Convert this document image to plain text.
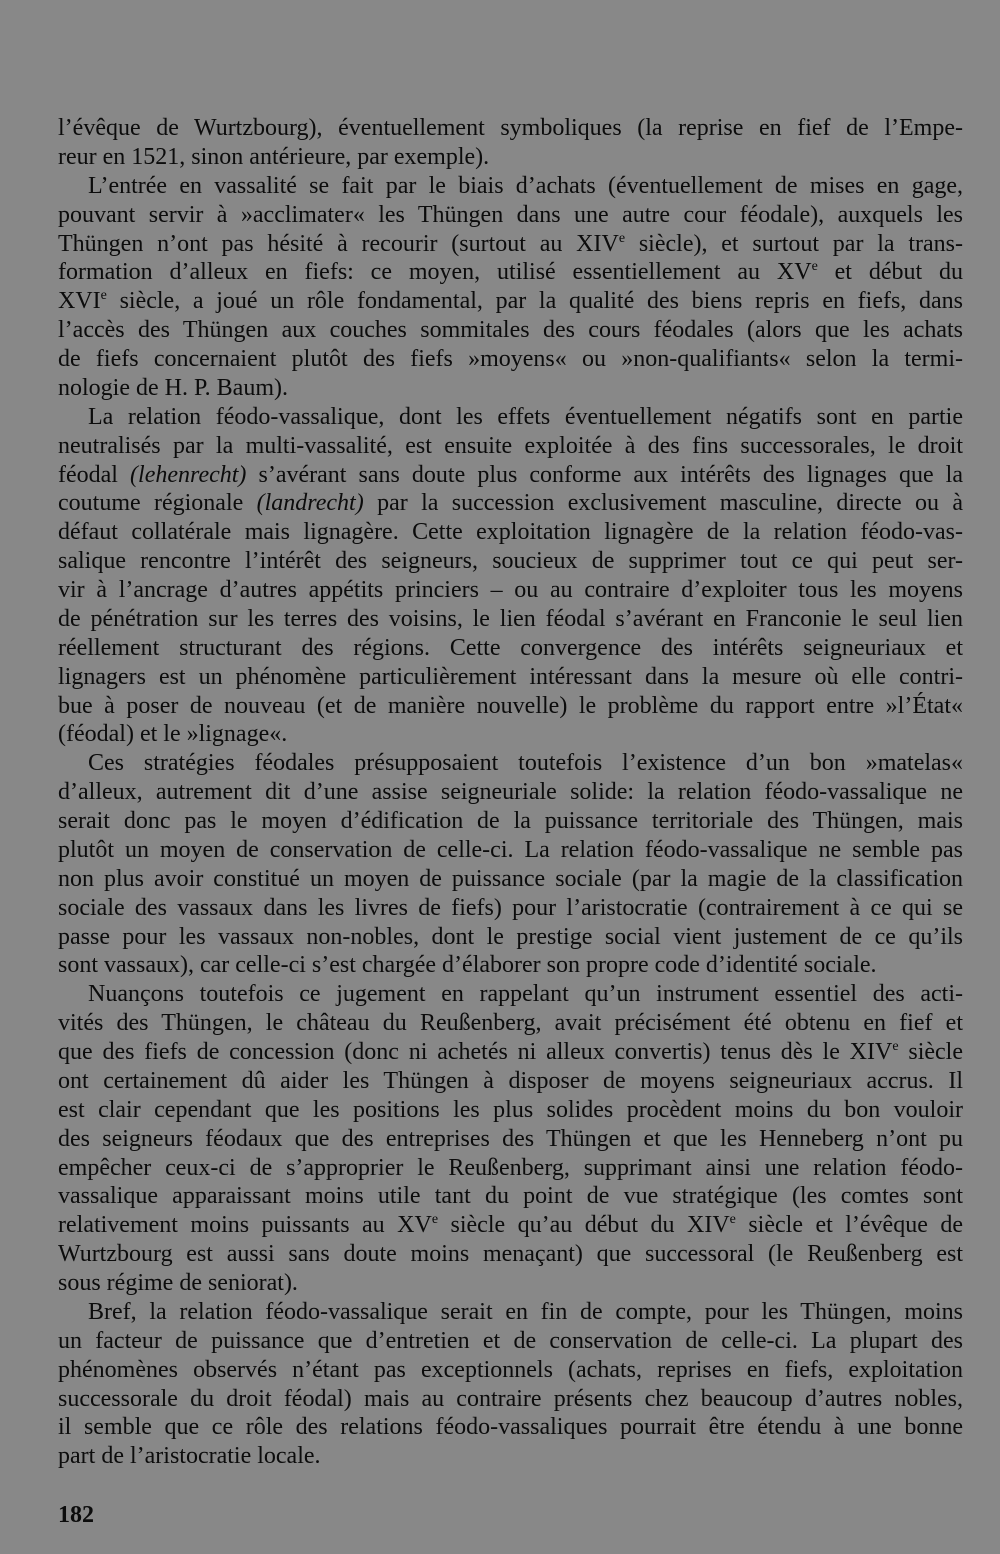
l’évêque de Wurtzbourg), éventuellement symboliques (la reprise en fief de l’Empe-
reur en 1521, sinon antérieure, par exemple).
L’entrée en vassalité se fait par le biais d’achats (éventuellement de mises en gage,
pouvant servir à »acclimater« les Thüngen dans une autre cour féodale), auxquels les
Thüngen n’ont pas hésité à recourir (surtout au XIVe siècle), et surtout par la trans-
formation d’alleux en fiefs: ce moyen, utilisé essentiellement au XVe et début du
XVIe siècle, a joué un rôle fondamental, par la qualité des biens repris en fiefs, dans
l’accès des Thüngen aux couches sommitales des cours féodales (alors que les achats
de fiefs concernaient plutôt des fiefs »moyens« ou »non-qualifiants« selon la termi-
nologie de H. P. Baum).
La relation féodo-vassalique, dont les effets éventuellement négatifs sont en partie
neutralisés par la multi-vassalité, est ensuite exploitée à des fins successorales, le droit
féodal (lehenrecht) s’avérant sans doute plus conforme aux intérêts des lignages que la
coutume régionale (landrecht) par la succession exclusivement masculine, directe ou à
défaut collatérale mais lignagère. Cette exploitation lignagère de la relation féodo-vas-
salique rencontre l’intérêt des seigneurs, soucieux de supprimer tout ce qui peut ser-
vir à l’ancrage d’autres appétits princiers – ou au contraire d’exploiter tous les moyens
de pénétration sur les terres des voisins, le lien féodal s’avérant en Franconie le seul lien
réellement structurant des régions. Cette convergence des intérêts seigneuriaux et
lignagers est un phénomène particulièrement intéressant dans la mesure où elle contri-
bue à poser de nouveau (et de manière nouvelle) le problème du rapport entre »l’État«
(féodal) et le »lignage«.
Ces stratégies féodales présupposaient toutefois l’existence d’un bon »matelas«
d’alleux, autrement dit d’une assise seigneuriale solide: la relation féodo-vassalique ne
serait donc pas le moyen d’édification de la puissance territoriale des Thüngen, mais
plutôt un moyen de conservation de celle-ci. La relation féodo-vassalique ne semble pas
non plus avoir constitué un moyen de puissance sociale (par la magie de la classification
sociale des vassaux dans les livres de fiefs) pour l’aristocratie (contrairement à ce qui se
passe pour les vassaux non-nobles, dont le prestige social vient justement de ce qu’ils
sont vassaux), car celle-ci s’est chargée d’élaborer son propre code d’identité sociale.
Nuançons toutefois ce jugement en rappelant qu’un instrument essentiel des acti-
vités des Thüngen, le château du Reußenberg, avait précisément été obtenu en fief et
que des fiefs de concession (donc ni achetés ni alleux convertis) tenus dès le XIVe siècle
ont certainement dû aider les Thüngen à disposer de moyens seigneuriaux accrus. Il
est clair cependant que les positions les plus solides procèdent moins du bon vouloir
des seigneurs féodaux que des entreprises des Thüngen et que les Henneberg n’ont pu
empêcher ceux-ci de s’approprier le Reußenberg, supprimant ainsi une relation féodo-
vassalique apparaissant moins utile tant du point de vue stratégique (les comtes sont
relativement moins puissants au XVe siècle qu’au début du XIVe siècle et l’évêque de
Wurtzbourg est aussi sans doute moins menaçant) que successoral (le Reußenberg est
sous régime de seniorat).
Bref, la relation féodo-vassalique serait en fin de compte, pour les Thüngen, moins
un facteur de puissance que d’entretien et de conservation de celle-ci. La plupart des
phénomènes observés n’étant pas exceptionnels (achats, reprises en fiefs, exploitation
successorale du droit féodal) mais au contraire présents chez beaucoup d’autres nobles,
il semble que ce rôle des relations féodo-vassaliques pourrait être étendu à une bonne
part de l’aristocratie locale.
182
